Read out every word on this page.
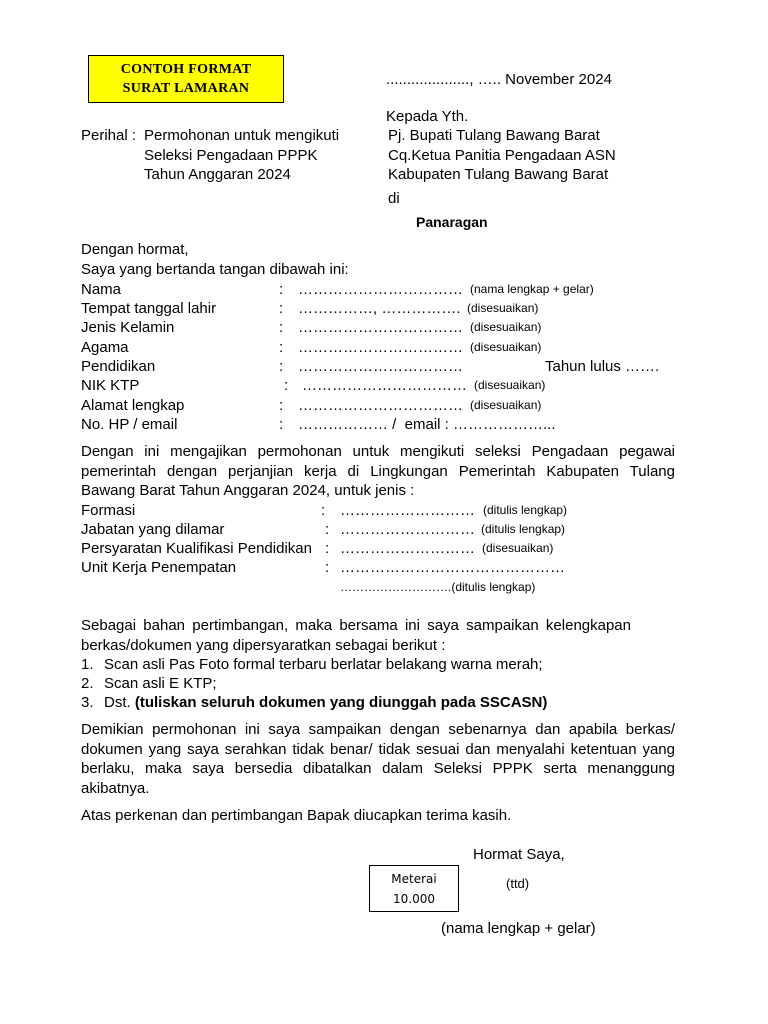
CONTOH FORMAT
SURAT LAMARAN
...................., ….. November 2024
Kepada Yth.
Pj. Bupati Tulang Bawang Barat
Cq.Ketua Panitia Pengadaan ASN
Kabupaten Tulang Bawang Barat
di
Panaragan
Perihal : Permohonan untuk mengikuti
Seleksi Pengadaan PPPK
Tahun Anggaran 2024
Dengan hormat,
Saya yang bertanda tangan dibawah ini:
Nama	: …………………………… (nama lengkap + gelar)
Tempat tanggal lahir	: ……………, ……………. (disesuaikan)
Jenis Kelamin	: …………………………… (disesuaikan)
Agama	: …………………………… (disesuaikan)
Pendidikan	: ……………………………	Tahun lulus …….
NIK KTP	: …………………………… (disesuaikan)
Alamat lengkap	: …………………………… (disesuaikan)
No. HP / email	: ……………… /  email : ………………...
Dengan ini mengajikan permohonan untuk mengikuti seleksi Pengadaan pegawai pemerintah dengan perjanjian kerja di Lingkungan Pemerintah Kabupaten Tulang Bawang Barat Tahun Anggaran 2024, untuk jenis :
Formasi	: ……………………… (ditulis lengkap)
Jabatan yang dilamar	: ……………………… (ditulis lengkap)
Persyaratan Kualifikasi Pendidikan : ……………………… (disesuaikan)
Unit Kerja Penempatan	: ………………………………………
……………………….(ditulis lengkap)
Sebagai bahan pertimbangan, maka bersama ini saya sampaikan kelengkapan berkas/dokumen yang dipersyaratkan sebagai berikut :
1. Scan asli Pas Foto formal terbaru berlatar belakang warna merah;
2. Scan asli E KTP;
3. Dst. (tuliskan seluruh dokumen yang diunggah pada SSCASN)
Demikian permohonan ini saya sampaikan dengan sebenarnya dan apabila berkas/ dokumen yang saya serahkan tidak benar/ tidak sesuai dan menyalahi ketentuan yang berlaku, maka saya bersedia dibatalkan dalam Seleksi PPPK serta menanggung akibatnya.
Atas perkenan dan pertimbangan Bapak diucapkan terima kasih.
Hormat Saya,
Meterai
10.000
(ttd)
(nama lengkap + gelar)
